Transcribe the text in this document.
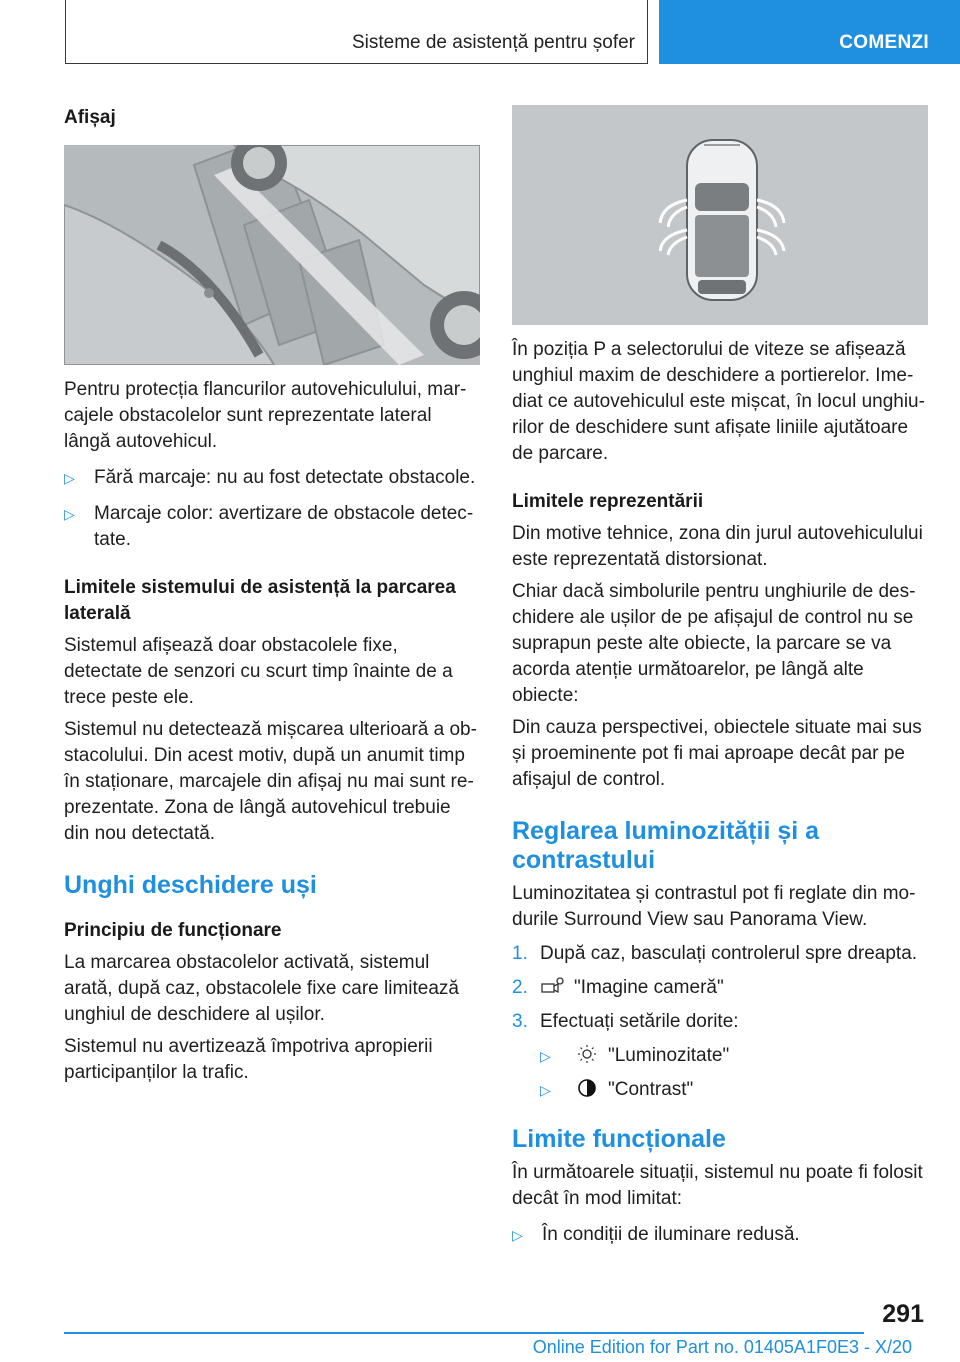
Sisteme de asistență pentru șofer	COMENZI
Afișaj
Pentru protecția flancurilor autovehiculului, marcajele obstacolelor sunt reprezentate lateral lângă autovehicul.
▷	Fără marcaje: nu au fost detectate obstacole.
▷	Marcaje color: avertizare de obstacole detectate.
Limitele sistemului de asistență la parcarea laterală
Sistemul afișează doar obstacolele fixe, detectate de senzori cu scurt timp înainte de a trece peste ele.
Sistemul nu detectează mișcarea ulterioară a obstacolului. Din acest motiv, după un anumit timp în staționare, marcajele din afișaj nu mai sunt reprezentate. Zona de lângă autovehicul trebuie din nou detectată.
Unghi deschidere uși
Principiu de funcționare
La marcarea obstacolelor activată, sistemul arată, după caz, obstacolele fixe care limitează unghiul de deschidere al ușilor.
Sistemul nu avertizează împotriva apropierii participanților la trafic.
În poziția P a selectorului de viteze se afișează unghiul maxim de deschidere a portierelor. Imediat ce autovehiculul este mișcat, în locul unghiurilor de deschidere sunt afișate liniile ajutătoare de parcare.
Limitele reprezentării
Din motive tehnice, zona din jurul autovehiculului este reprezentată distorsionat.
Chiar dacă simbolurile pentru unghiurile de deschidere ale ușilor de pe afișajul de control nu se suprapun peste alte obiecte, la parcare se va acorda atenție următoarelor, pe lângă alte obiecte:
Din cauza perspectivei, obiectele situate mai sus și proeminente pot fi mai aproape decât par pe afișajul de control.
Reglarea luminozității și a contrastului
Luminozitatea și contrastul pot fi reglate din modurile Surround View sau Panorama View.
1. După caz, basculați controlerul spre dreapta.
2.	"Imagine cameră"
3. Efectuați setările dorite:
▷	"Luminozitate"
▷	"Contrast"
Limite funcționale
În următoarele situații, sistemul nu poate fi folosit decât în mod limitat:
▷	În condiții de iluminare redusă.
291
Online Edition for Part no. 01405A1F0E3 - X/20
